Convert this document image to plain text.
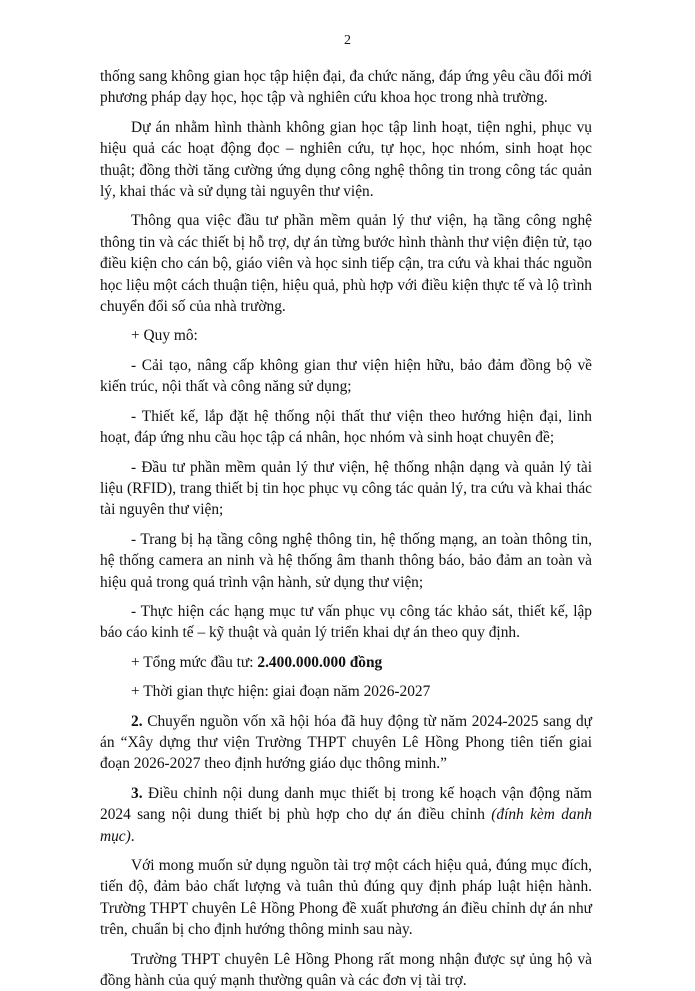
2

thống sang không gian học tập hiện đại, đa chức năng, đáp ứng yêu cầu đổi mới phương pháp dạy học, học tập và nghiên cứu khoa học trong nhà trường.

Dự án nhằm hình thành không gian học tập linh hoạt, tiện nghi, phục vụ hiệu quả các hoạt động đọc – nghiên cứu, tự học, học nhóm, sinh hoạt học thuật; đồng thời tăng cường ứng dụng công nghệ thông tin trong công tác quản lý, khai thác và sử dụng tài nguyên thư viện.

Thông qua việc đầu tư phần mềm quản lý thư viện, hạ tầng công nghệ thông tin và các thiết bị hỗ trợ, dự án từng bước hình thành thư viện điện tử, tạo điều kiện cho cán bộ, giáo viên và học sinh tiếp cận, tra cứu và khai thác nguồn học liệu một cách thuận tiện, hiệu quả, phù hợp với điều kiện thực tế và lộ trình chuyển đổi số của nhà trường.

+ Quy mô:

- Cải tạo, nâng cấp không gian thư viện hiện hữu, bảo đảm đồng bộ về kiến trúc, nội thất và công năng sử dụng;

- Thiết kế, lắp đặt hệ thống nội thất thư viện theo hướng hiện đại, linh hoạt, đáp ứng nhu cầu học tập cá nhân, học nhóm và sinh hoạt chuyên đề;

- Đầu tư phần mềm quản lý thư viện, hệ thống nhận dạng và quản lý tài liệu (RFID), trang thiết bị tin học phục vụ công tác quản lý, tra cứu và khai thác tài nguyên thư viện;

- Trang bị hạ tầng công nghệ thông tin, hệ thống mạng, an toàn thông tin, hệ thống camera an ninh và hệ thống âm thanh thông báo, bảo đảm an toàn và hiệu quả trong quá trình vận hành, sử dụng thư viện;

- Thực hiện các hạng mục tư vấn phục vụ công tác khảo sát, thiết kế, lập báo cáo kinh tế – kỹ thuật và quản lý triển khai dự án theo quy định.

+ Tổng mức đầu tư: 2.400.000.000 đồng

+ Thời gian thực hiện: giai đoạn năm 2026-2027

2. Chuyển nguồn vốn xã hội hóa đã huy động từ năm 2024-2025 sang dự án “Xây dựng thư viện Trường THPT chuyên Lê Hồng Phong tiên tiến giai đoạn 2026-2027 theo định hướng giáo dục thông minh.”

3. Điều chỉnh nội dung danh mục thiết bị trong kế hoạch vận động năm 2024 sang nội dung thiết bị phù hợp cho dự án điều chỉnh (đính kèm danh mục).

Với mong muốn sử dụng nguồn tài trợ một cách hiệu quả, đúng mục đích, tiến độ, đảm bảo chất lượng và tuân thủ đúng quy định pháp luật hiện hành. Trường THPT chuyên Lê Hồng Phong đề xuất phương án điều chỉnh dự án như trên, chuẩn bị cho định hướng thông minh sau này.

Trường THPT chuyên Lê Hồng Phong rất mong nhận được sự ủng hộ và đồng hành của quý mạnh thường quân và các đơn vị tài trợ.
